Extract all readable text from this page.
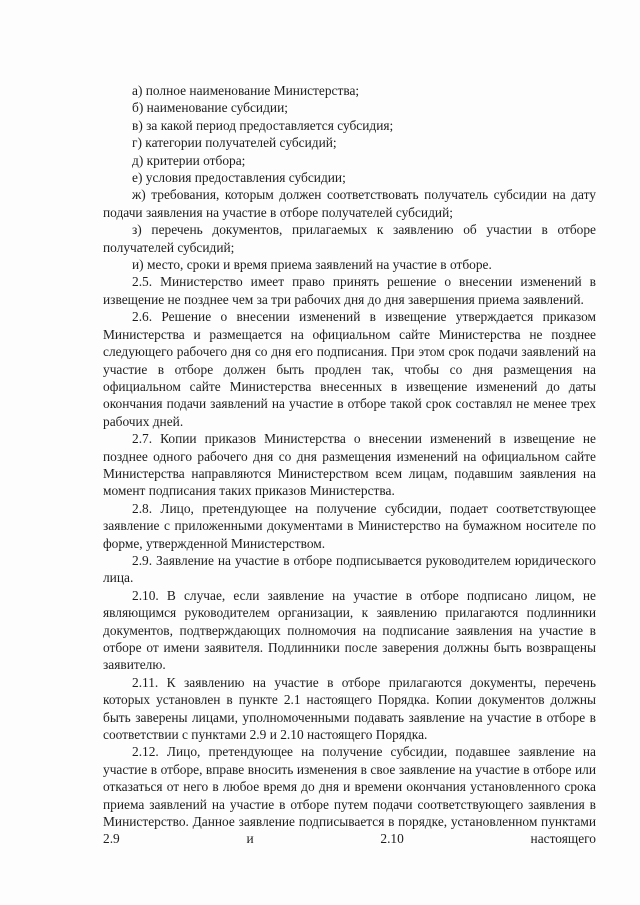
а) полное наименование Министерства;

б) наименование субсидии;

в) за какой период предоставляется субсидия;

г) категории получателей субсидий;

д) критерии отбора;

е) условия предоставления субсидии;

ж) требования, которым должен соответствовать получатель субсидии на дату подачи заявления на участие в отборе получателей субсидий;

з) перечень документов, прилагаемых к заявлению об участии в отборе получателей субсидий;

и) место, сроки и время приема заявлений на участие в отборе.

2.5. Министерство имеет право принять решение о внесении изменений в извещение не позднее чем за три рабочих дня до дня завершения приема заявлений.

2.6. Решение о внесении изменений в извещение утверждается приказом Министерства и размещается на официальном сайте Министерства не позднее следующего рабочего дня со дня его подписания. При этом срок подачи заявлений на участие в отборе должен быть продлен так, чтобы со дня размещения на официальном сайте Министерства внесенных в извещение изменений до даты окончания подачи заявлений на участие в отборе такой срок составлял не менее трех рабочих дней.

2.7. Копии приказов Министерства о внесении изменений в извещение не позднее одного рабочего дня со дня размещения изменений на официальном сайте Министерства направляются Министерством всем лицам, подавшим заявления на момент подписания таких приказов Министерства.

2.8. Лицо, претендующее на получение субсидии, подает соответствующее заявление с приложенными документами в Министерство на бумажном носителе по форме, утвержденной Министерством.

2.9. Заявление на участие в отборе подписывается руководителем юридического лица.

2.10. В случае, если заявление на участие в отборе подписано лицом, не являющимся руководителем организации, к заявлению прилагаются подлинники документов, подтверждающих полномочия на подписание заявления на участие в отборе от имени заявителя. Подлинники после заверения должны быть возвращены заявителю.

2.11. К заявлению на участие в отборе прилагаются документы, перечень которых установлен в пункте 2.1 настоящего Порядка. Копии документов должны быть заверены лицами, уполномоченными подавать заявление на участие в отборе в соответствии с пунктами 2.9 и 2.10 настоящего Порядка.

2.12. Лицо, претендующее на получение субсидии, подавшее заявление на участие в отборе, вправе вносить изменения в свое заявление на участие в отборе или отказаться от него в любое время до дня и времени окончания установленного срока приема заявлений на участие в отборе путем подачи соответствующего заявления в Министерство. Данное заявление подписывается в порядке, установленном пунктами 2.9 и 2.10 настоящего
